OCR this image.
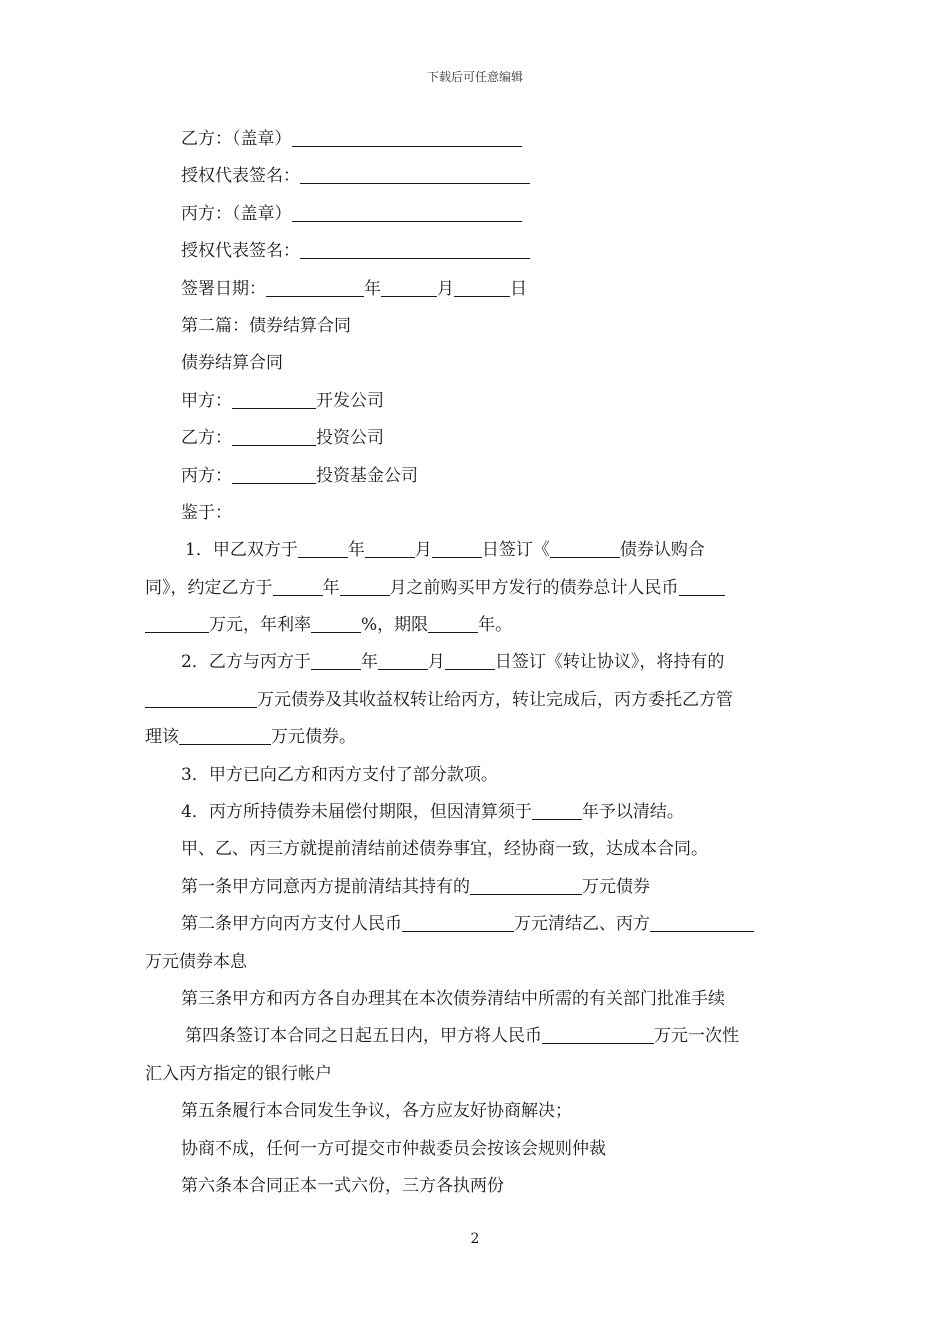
下载后可任意编辑
乙方：（盖章）
授权代表签名：
丙方：（盖章）
授权代表签名：
签署日期：	年	月	日
第二篇：债券结算合同
债券结算合同
甲方：	开发公司
乙方：	投资公司
丙方：	投资基金公司
鉴于：
1．甲乙双方于	年	月	日签订《	债券认购合
同》，约定乙方于	年	月之前购买甲方发行的债券总计人民币
万元，年利率	%，期限	年。
2．乙方与丙方于	年	月	日签订《转让协议》，将持有的
万元债券及其收益权转让给丙方，转让完成后，丙方委托乙方管
理该	万元债券。
3．甲方已向乙方和丙方支付了部分款项。
4．丙方所持债券未届偿付期限，但因清算须于	年予以清结。
甲、乙、丙三方就提前清结前述债券事宜，经协商一致，达成本合同。
第一条甲方同意丙方提前清结其持有的	万元债券
第二条甲方向丙方支付人民币	万元清结乙、丙方
万元债券本息
第三条甲方和丙方各自办理其在本次债券清结中所需的有关部门批准手续
第四条签订本合同之日起五日内，甲方将人民币	万元一次性
汇入丙方指定的银行帐户
第五条履行本合同发生争议，各方应友好协商解决；
协商不成，任何一方可提交市仲裁委员会按该会规则仲裁
第六条本合同正本一式六份，三方各执两份
2
